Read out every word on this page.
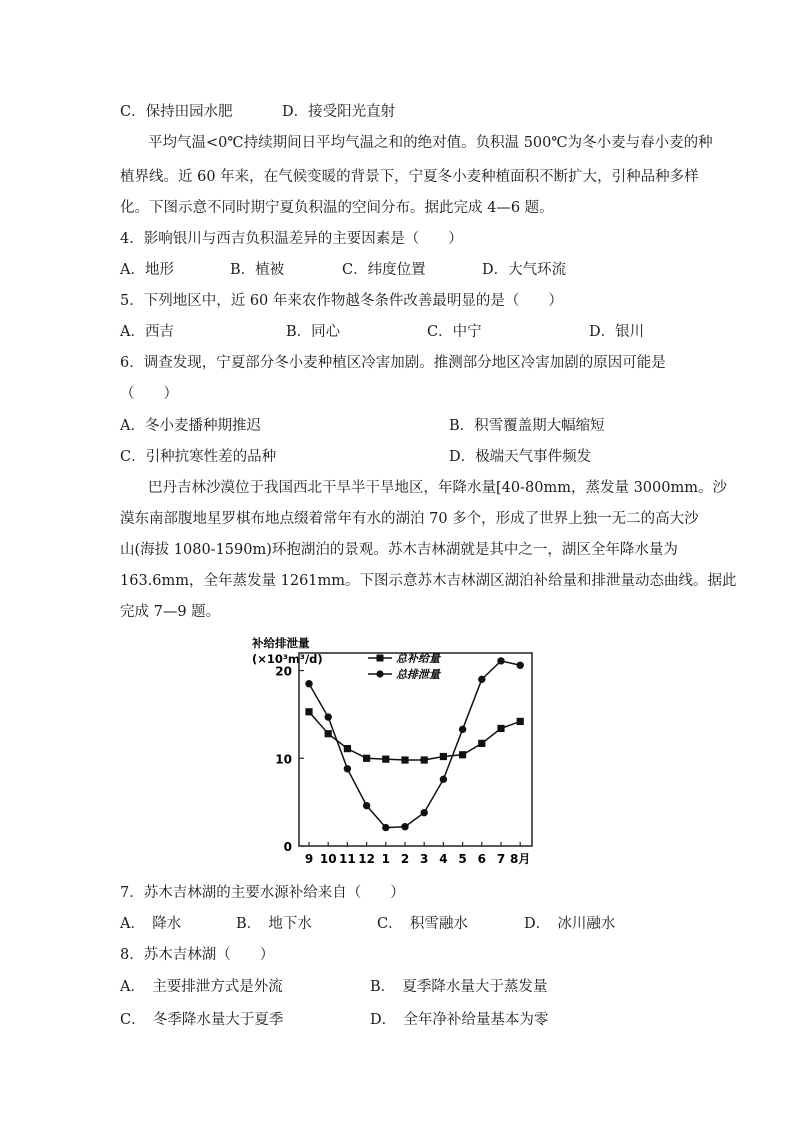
C．保持田园水肥	D．接受阳光直射
平均气温<0℃持续期间日平均气温之和的绝对值。负积温 500℃为冬小麦与春小麦的种
植界线。近 60 年来，在气候变暖的背景下，宁夏冬小麦种植面积不断扩大，引种品种多样
化。下图示意不同时期宁夏负积温的空间分布。据此完成 4—6 题。
4．影响银川与西吉负积温差异的主要因素是（　　）
A．地形	B．植被	C．纬度位置	D．大气环流
5．下列地区中，近 60 年来农作物越冬条件改善最明显的是（　　）
A．西吉	B．同心	C．中宁	D．银川
6．调查发现，宁夏部分冬小麦种植区冷害加剧。推测部分地区冷害加剧的原因可能是
（　　）
A．冬小麦播种期推迟	B．积雪覆盖期大幅缩短
C．引种抗寒性差的品种	D．极端天气事件频发
巴丹吉林沙漠位于我国西北干旱半干旱地区，年降水量[40-80mm，蒸发量 3000mm。沙
漠东南部腹地星罗棋布地点缀着常年有水的湖泊 70 多个，形成了世界上独一无二的高大沙
山(海拔 1080-1590m)环抱湖泊的景观。苏木吉林湖就是其中之一，湖区全年降水量为
163.6mm，全年蒸发量 1261mm。下图示意苏木吉林湖区湖泊补给量和排泄量动态曲线。据此
完成 7—9 题。
补给排泄量
(×10³m³/d)
0
10
20
9 10 11 12 1 2 3 4 5 6 7 8月
总补给量
总排泄量
7．苏木吉林湖的主要水源补给来自（　　）
A．　降水	B．　地下水	C．　积雪融水	D．　冰川融水
8．苏木吉林湖（　　）
A．　主要排泄方式是外流	B．　夏季降水量大于蒸发量
C．　冬季降水量大于夏季	D．　全年净补给量基本为零
